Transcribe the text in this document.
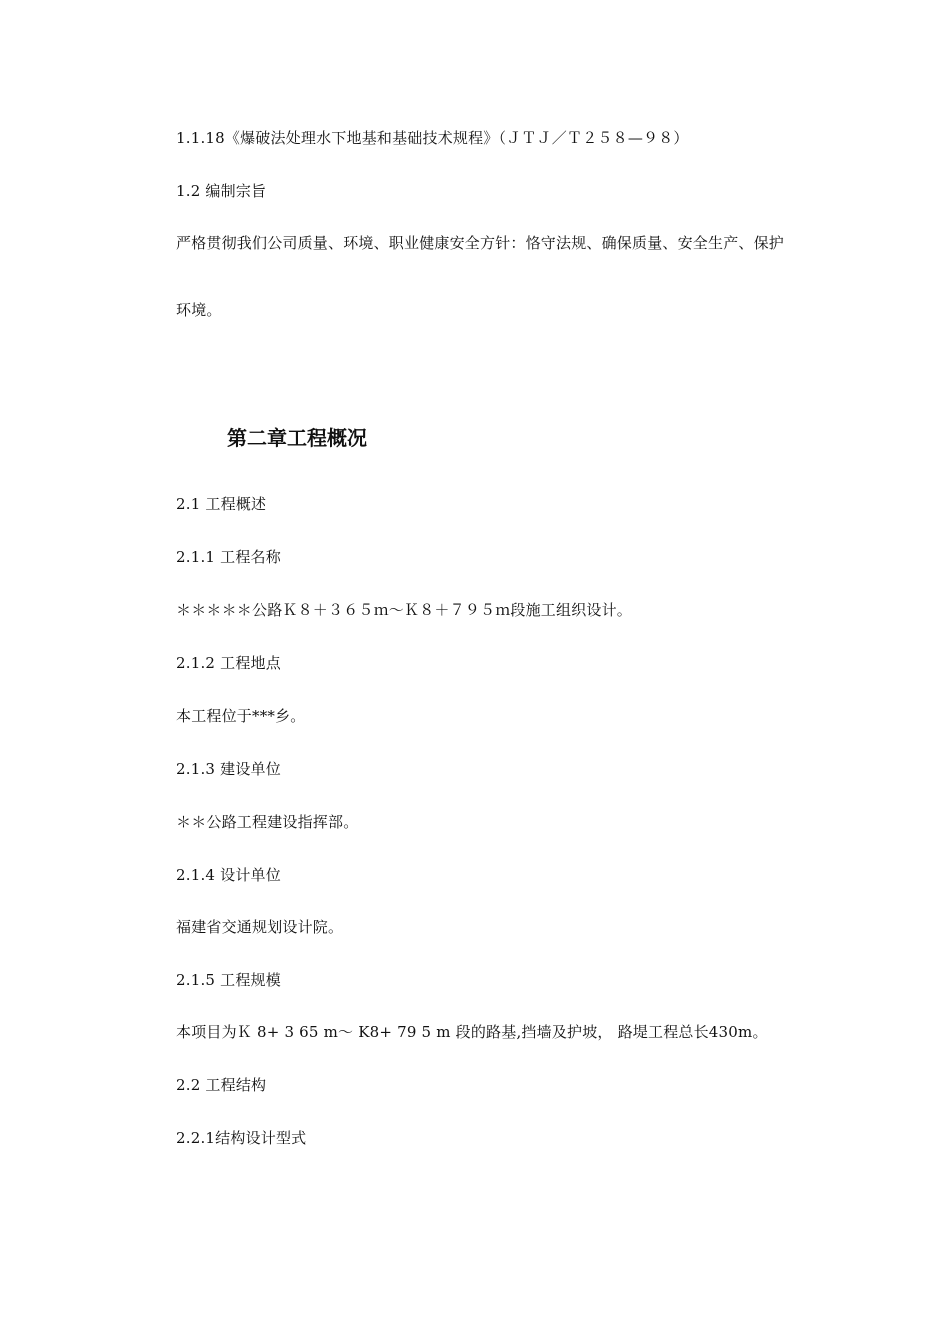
1.1.18《爆破法处理水下地基和基础技术规程》（ＪＴＪ／Ｔ２５８—９８）
1.2 编制宗旨
严格贯彻我们公司质量、环境、职业健康安全方针：恪守法规、确保质量、安全生产、保护
环境。
第二章工程概况
2.1 工程概述
2.1.1 工程名称
＊＊＊＊＊公路Ｋ８＋３６５ｍ～Ｋ８＋７９５ｍ段施工组织设计。
2.1.2 工程地点
本工程位于***乡。
2.1.3 建设单位
＊＊公路工程建设指挥部。
2.1.4 设计单位
福建省交通规划设计院。
2.1.5 工程规模
本项目为Ｋ 8+ 3 65 m～ K8+ 79 5 m 段的路基,挡墙及护坡， 路堤工程总长430m。
2.2 工程结构
2.2.1结构设计型式
